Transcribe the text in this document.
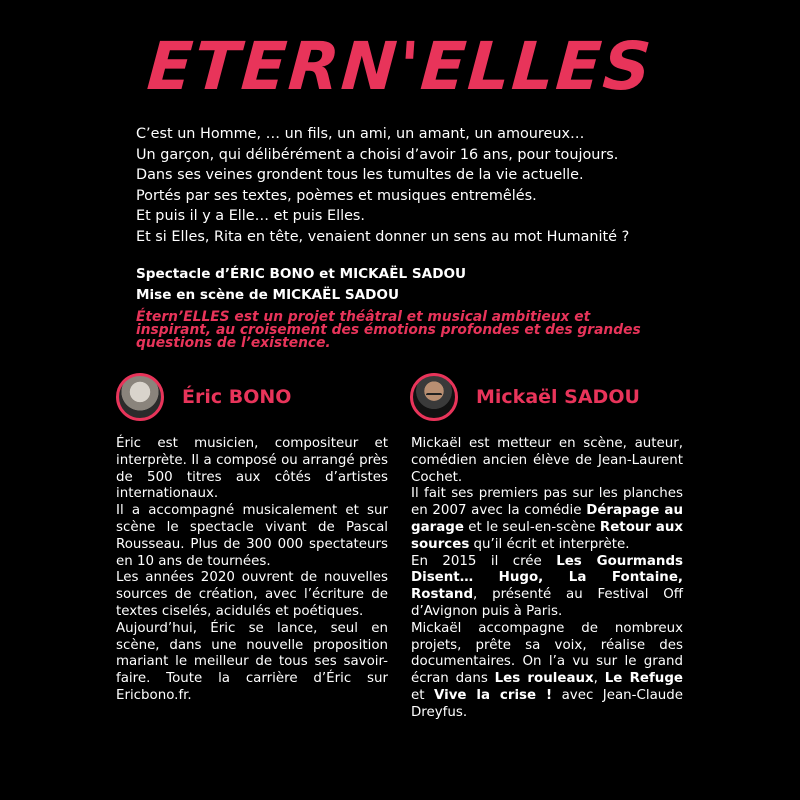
ETERN'ELLES

C’est un Homme, … un fils, un ami, un amant, un amoureux…

Un garçon, qui délibérément a choisi d’avoir 16 ans, pour toujours.

Dans ses veines grondent tous les tumultes de la vie actuelle.

Portés par ses textes, poèmes et musiques entremêlés.

Et puis il y a Elle… et puis Elles.

Et si Elles, Rita en tête, venaient donner un sens au mot Humanité ?

Spectacle d’ÉRIC BONO et MICKAËL SADOU

Mise en scène de MICKAËL SADOU

Étern’ELLES est un projet théâtral et musical ambitieux et inspirant, au croisement des émotions profondes et des grandes questions de l’existence.
Éric BONO	Mickaël SADOU

Éric est musicien, compositeur et interprète. Il a composé ou arrangé près de 500 titres aux côtés d’artistes internationaux.

Il a accompagné musicalement et sur scène le spectacle vivant de Pascal Rousseau. Plus de 300 000 spectateurs en 10 ans de tournées.

Les années 2020 ouvrent de nouvelles sources de création, avec l’écriture de textes ciselés, acidulés et poétiques.

Aujourd’hui, Éric se lance, seul en scène, dans une nouvelle proposition mariant le meilleur de tous ses savoir-faire. Toute la carrière d’Éric sur Ericbono.fr.

Mickaël est metteur en scène, auteur, comédien ancien élève de Jean-Laurent Cochet.

Il fait ses premiers pas sur les planches en 2007 avec la comédie Dérapage au garage et le seul-en-scène Retour aux sources qu’il écrit et interprète.

En 2015 il crée Les Gourmands Disent… Hugo, La Fontaine, Rostand, présenté au Festival Off d’Avignon puis à Paris.

Mickaël accompagne de nombreux projets, prête sa voix, réalise des documentaires. On l’a vu sur le grand écran dans Les rouleaux, Le Refuge et Vive la crise ! avec Jean-Claude Dreyfus.
